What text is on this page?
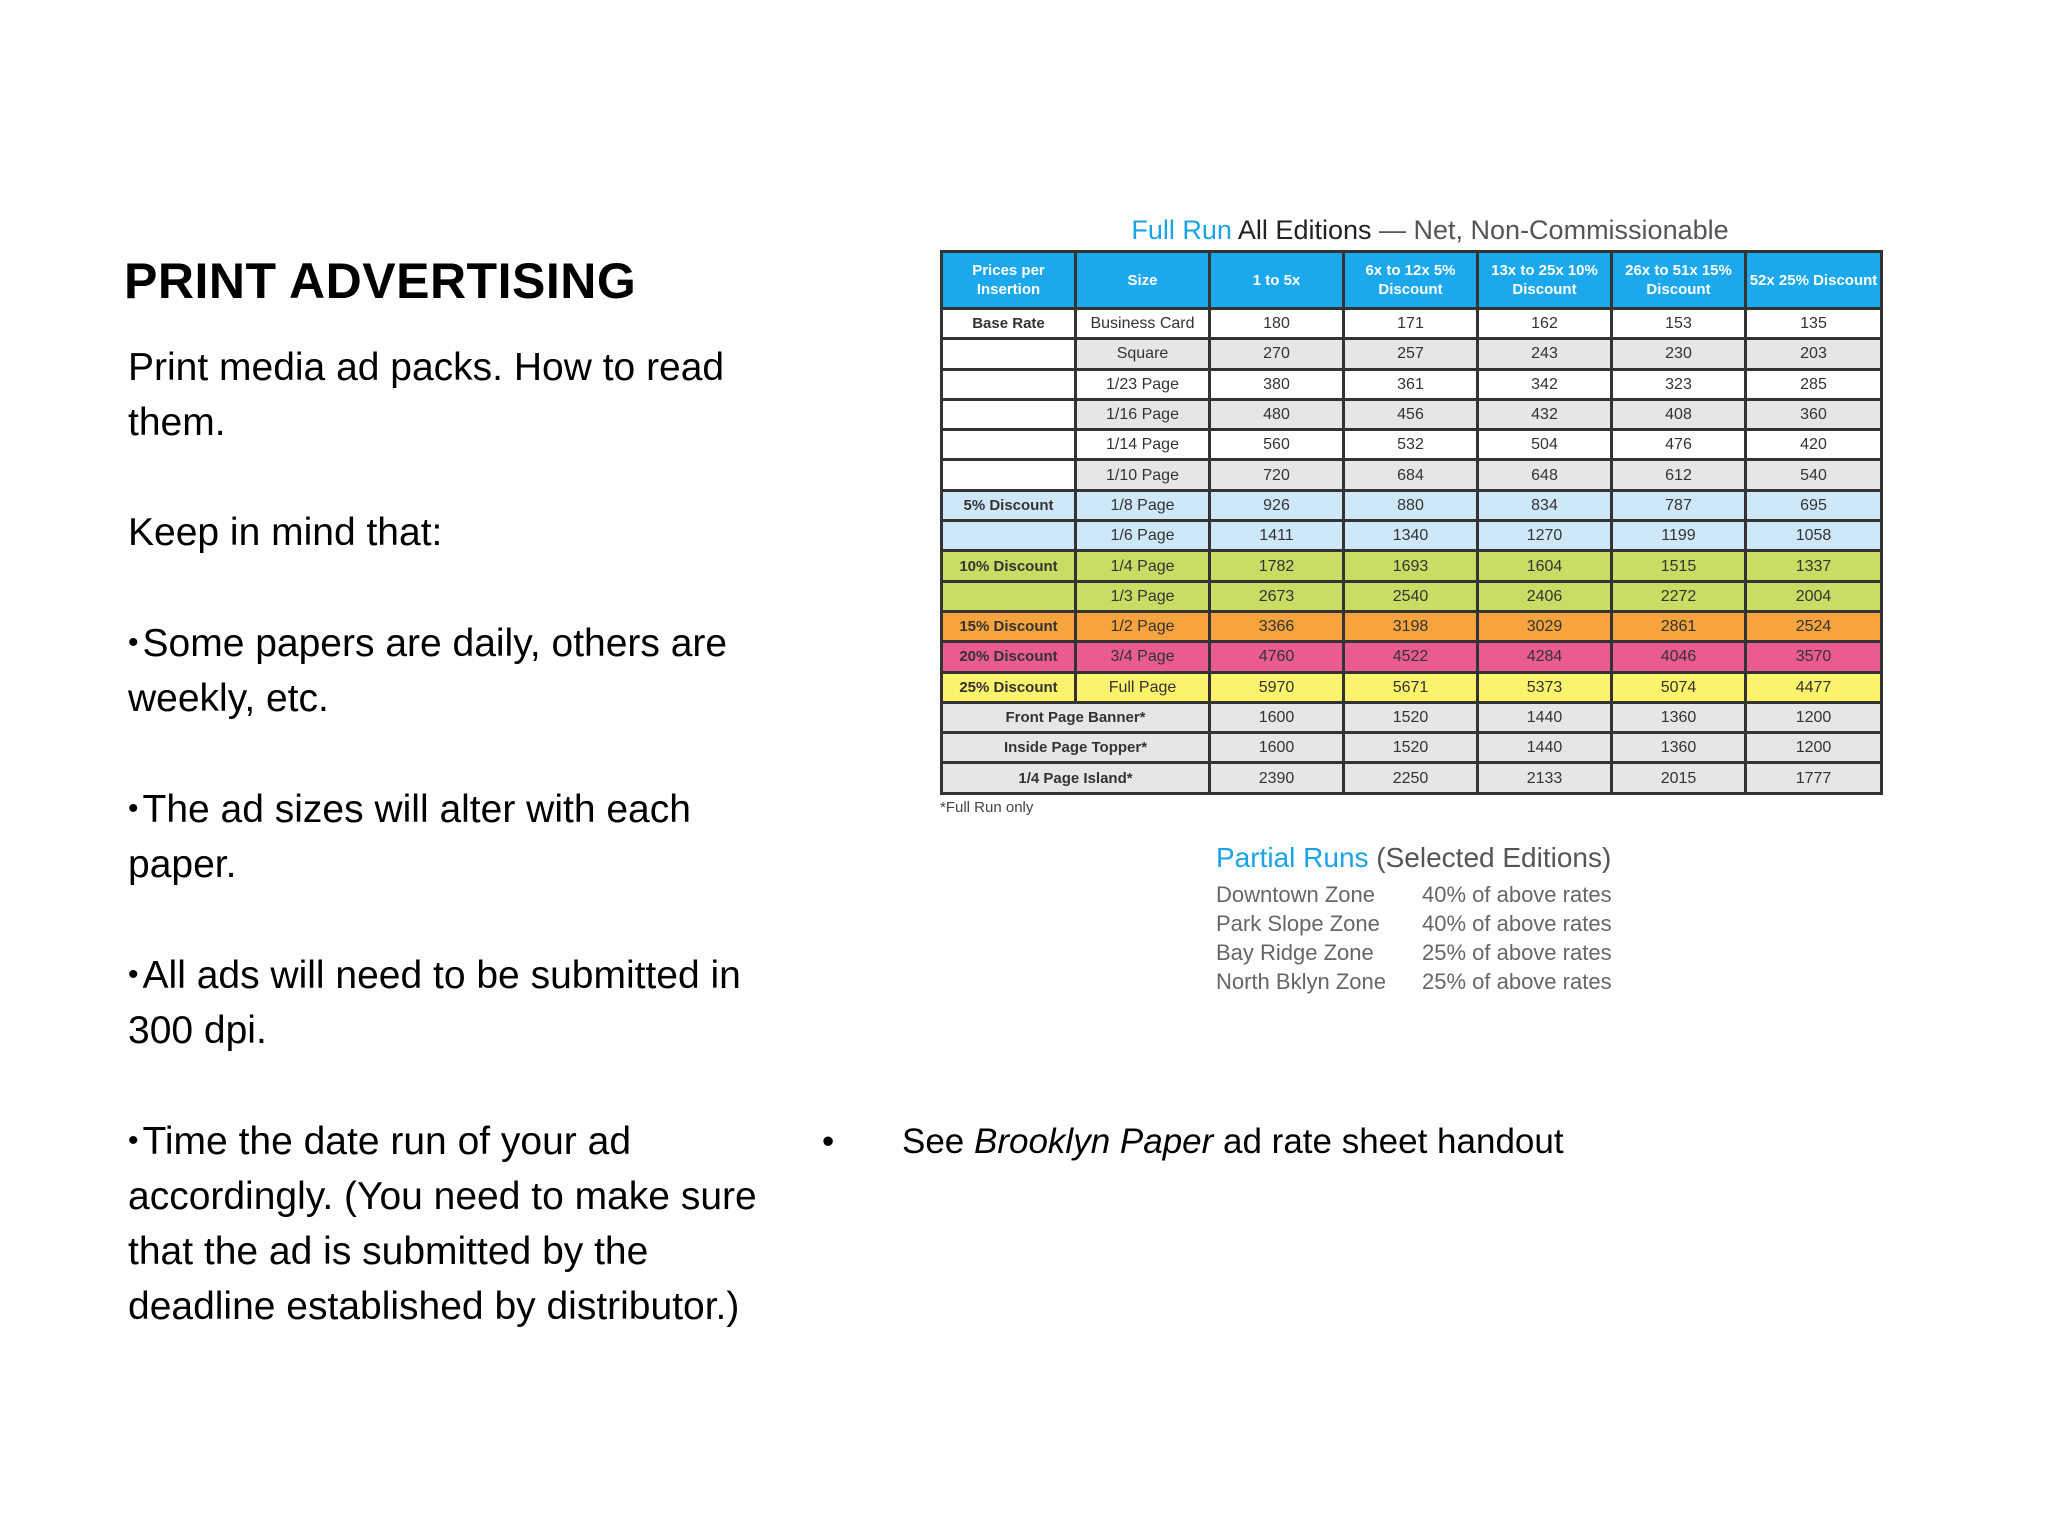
PRINT ADVERTISING

Print media ad packs. How to read them.

Keep in mind that:

• Some papers are daily, others are weekly, etc.

• The ad sizes will alter with each paper.

• All ads will need to be submitted in 300 dpi.

• Time the date run of your ad accordingly. (You need to make sure that the ad is submitted by the deadline established by distributor.)

Full Run All Editions — Net, Non-Commissionable
Prices per Insertion	Size	1 to 5x	6x to 12x 5% Discount	13x to 25x 10% Discount	26x to 51x 15% Discount	52x 25% Discount
Base Rate	Business Card	180	171	162	153	135
	Square	270	257	243	230	203
	1/23 Page	380	361	342	323	285
	1/16 Page	480	456	432	408	360
	1/14 Page	560	532	504	476	420
	1/10 Page	720	684	648	612	540
5% Discount	1/8 Page	926	880	834	787	695
	1/6 Page	1411	1340	1270	1199	1058
10% Discount	1/4 Page	1782	1693	1604	1515	1337
	1/3 Page	2673	2540	2406	2272	2004
15% Discount	1/2 Page	3366	3198	3029	2861	2524
20% Discount	3/4 Page	4760	4522	4284	4046	3570
25% Discount	Full Page	5970	5671	5373	5074	4477
Front Page Banner*		1600	1520	1440	1360	1200
Inside Page Topper*		1600	1520	1440	1360	1200
1/4 Page Island*		2390	2250	2133	2015	1777
*Full Run only
Partial Runs (Selected Editions)
Downtown Zone	40% of above rates
Park Slope Zone	40% of above rates
Bay Ridge Zone	25% of above rates
North Bklyn Zone	25% of above rates
•	See Brooklyn Paper ad rate sheet handout
